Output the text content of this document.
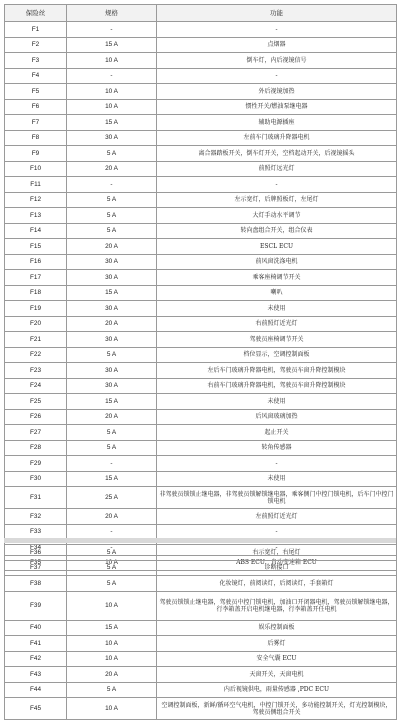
保险丝	规格	功能
F1	-	-
F2	15 A	点烟器
F3	10 A	倒车灯，内后视镜信号
F4	-	-
F5	10 A	外后视镜加热
F6	10 A	惯性开关/燃油泵继电器
F7	15 A	辅助电源插座
F8	30 A	左前车门玻璃升降器电机
F9	5 A	离合器踏板开关，倒车灯开关，空档起动开关，后视镜摇头
F10	20 A	前照灯远光灯
F11	-	-
F12	5 A	左示宽灯，后牌照板灯，左尾灯
F13	5 A	大灯手动水平调节
F14	5 A	转向盘组合开关，组合仪表
F15	20 A	ESCL ECU
F16	30 A	前风窗洗涤电机
F17	30 A	乘客座椅调节开关
F18	15 A	喇叭
F19	30 A	未使用
F20	20 A	右前照灯近光灯
F21	30 A	驾驶员座椅调节开关
F22	5 A	档位显示，空调控制面板
F23	30 A	左后车门玻璃升降器电机，驾驶员车窗升降控制模块
F24	30 A	右前车门玻璃升降器电机，驾驶员车窗升降控制模块
F25	15 A	未使用
F26	20 A	后风窗玻璃加热
F27	5 A	起止开关
F28	5 A	转角传感器
F29	-	-
F30	15 A	未使用
F31	25 A	非驾驶员锁锁止继电器，非驾驶员锁解锁继电器，乘客侧门中控门锁电机，后车门中控门锁电机
F32	20 A	左前照灯近光灯
F33	-	-
F34	-	-
F35	10 A	ABS ECU，自动变速箱 ECU
F36	5 A	右示宽灯，右尾灯
F37	5 A	诊断接口
F38	5 A	化妆镜灯，前阅读灯，后阅读灯，手套箱灯
F39	10 A	驾驶员锁锁止继电器，驾驶员中控门锁电机，加油口开闭器电机，驾驶员锁解锁继电器，行李箱盖开启电机继电器，行李箱盖开任电机
F40	15 A	娱乐控制面板
F41	10 A	后雾灯
F42	10 A	安全气囊 ECU
F43	20 A	天窗开关，天窗电机
F44	5 A	内后视镜供电，雨量传感器 ,PDC ECU
F45	10 A	空调控制面板，新鲜/循环空气电机，中控门锁开关，多功能控制开关，灯光控制模块，驾驶员侧组合开关
